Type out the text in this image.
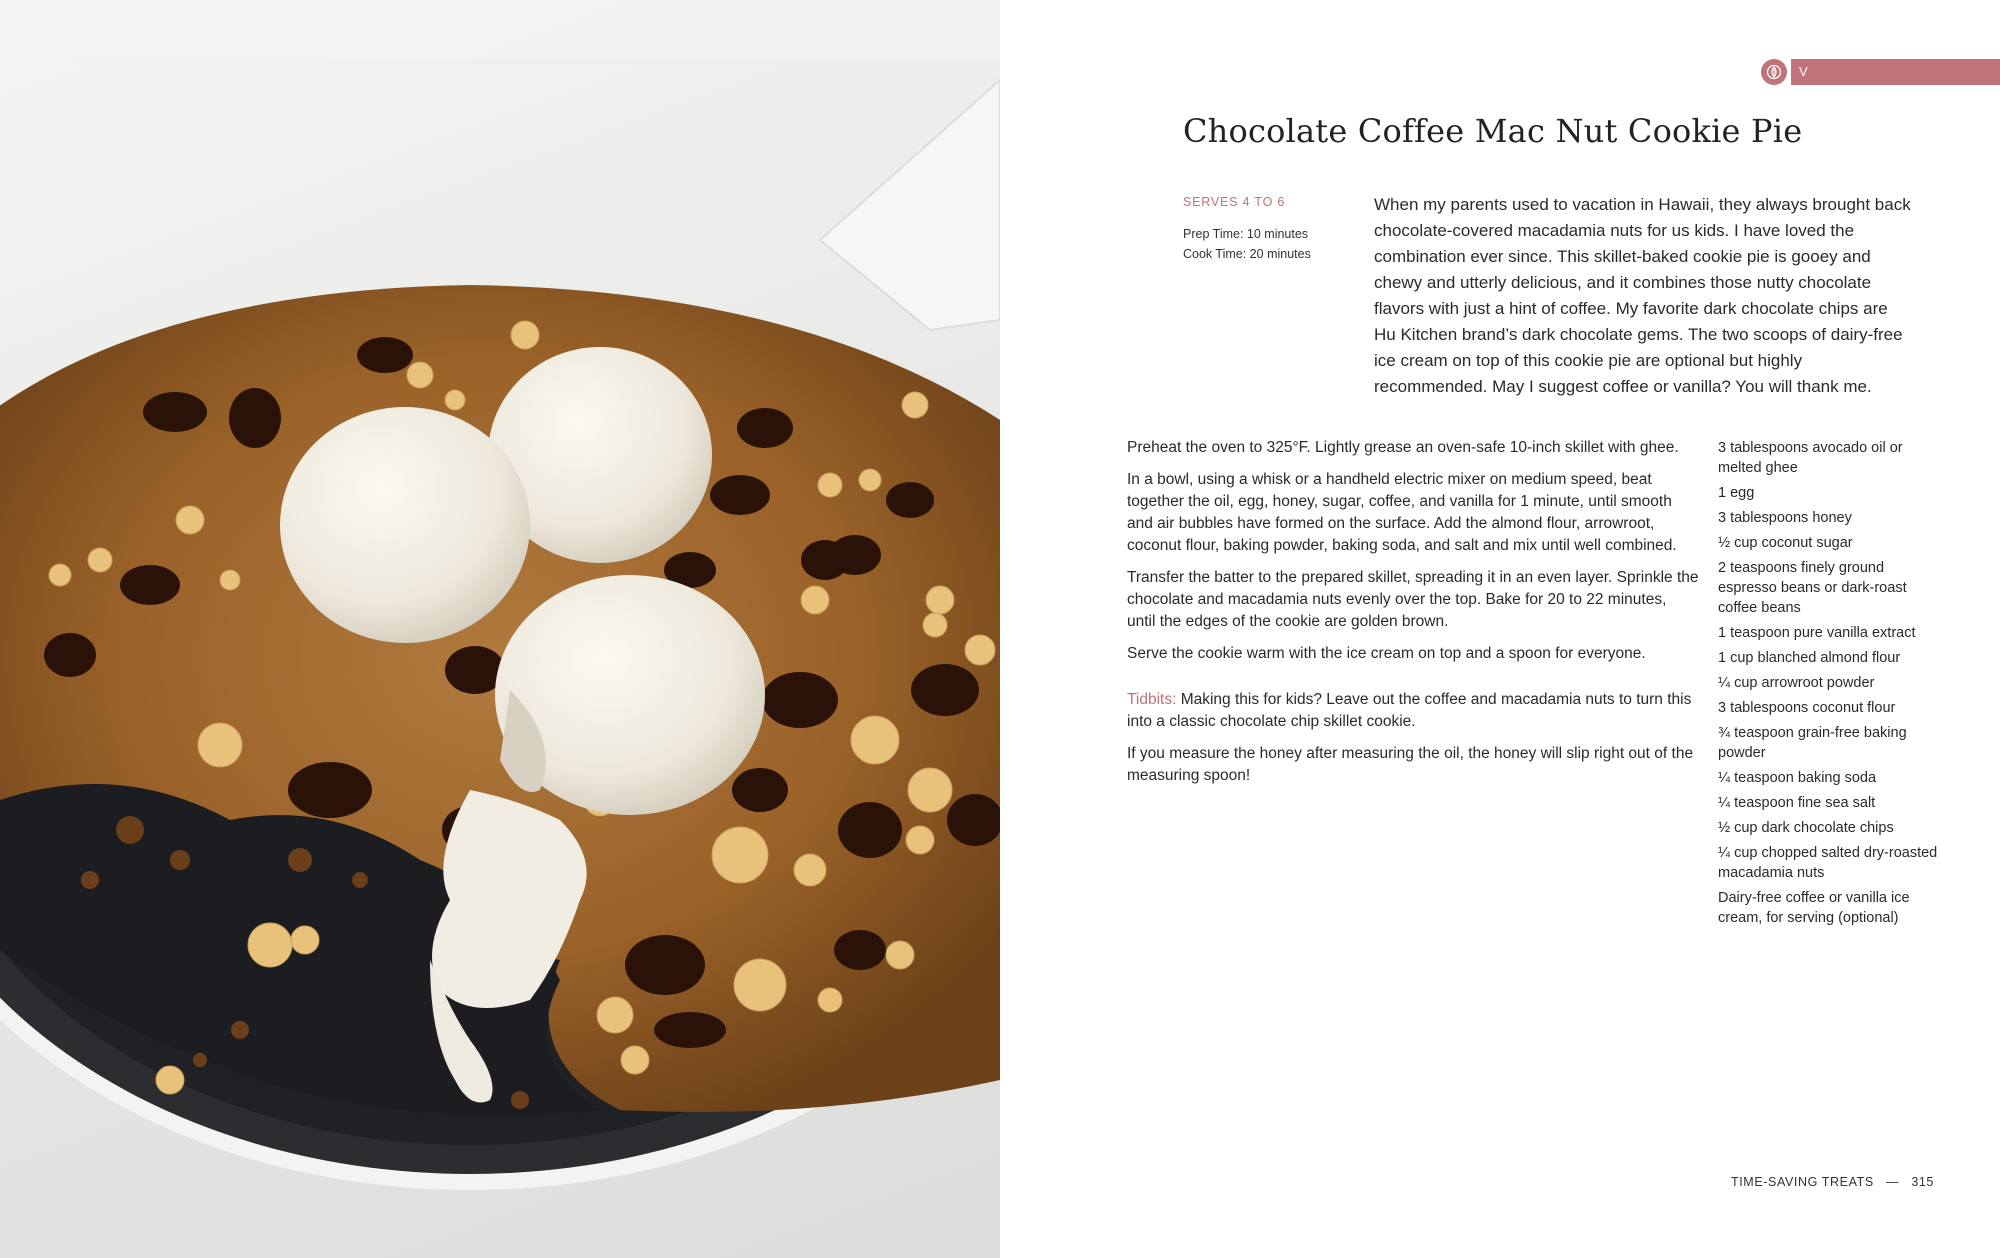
V
Chocolate Coffee Mac Nut Cookie Pie
SERVES 4 TO 6
Prep Time: 10 minutes
Cook Time: 20 minutes
When my parents used to vacation in Hawaii, they always brought back chocolate-covered macadamia nuts for us kids. I have loved the combination ever since. This skillet-baked cookie pie is gooey and chewy and utterly delicious, and it combines those nutty chocolate flavors with just a hint of coffee. My favorite dark chocolate chips are Hu Kitchen brand’s dark chocolate gems. The two scoops of dairy-free ice cream on top of this cookie pie are optional but highly recommended. May I suggest coffee or vanilla? You will thank me.

Preheat the oven to 325°F. Lightly grease an oven-safe 10-inch skillet with ghee.

In a bowl, using a whisk or a handheld electric mixer on medium speed, beat together the oil, egg, honey, sugar, coffee, and vanilla for 1 minute, until smooth and air bubbles have formed on the surface. Add the almond flour, arrowroot, coconut flour, baking powder, baking soda, and salt and mix until well combined.

Transfer the batter to the prepared skillet, spreading it in an even layer. Sprinkle the chocolate and macadamia nuts evenly over the top. Bake for 20 to 22 minutes, until the edges of the cookie are golden brown.

Serve the cookie warm with the ice cream on top and a spoon for everyone.

Tidbits: Making this for kids? Leave out the coffee and macadamia nuts to turn this into a classic chocolate chip skillet cookie.

If you measure the honey after measuring the oil, the honey will slip right out of the measuring spoon!

3 tablespoons avocado oil or melted ghee
1 egg
3 tablespoons honey
½ cup coconut sugar
2 teaspoons finely ground espresso beans or dark-roast coffee beans
1 teaspoon pure vanilla extract
1 cup blanched almond flour
¼ cup arrowroot powder
3 tablespoons coconut flour
¾ teaspoon grain-free baking powder
¼ teaspoon baking soda
¼ teaspoon fine sea salt
½ cup dark chocolate chips
¼ cup chopped salted dry-roasted macadamia nuts
Dairy-free coffee or vanilla ice cream, for serving (optional)
TIME-SAVING TREATS — 315
